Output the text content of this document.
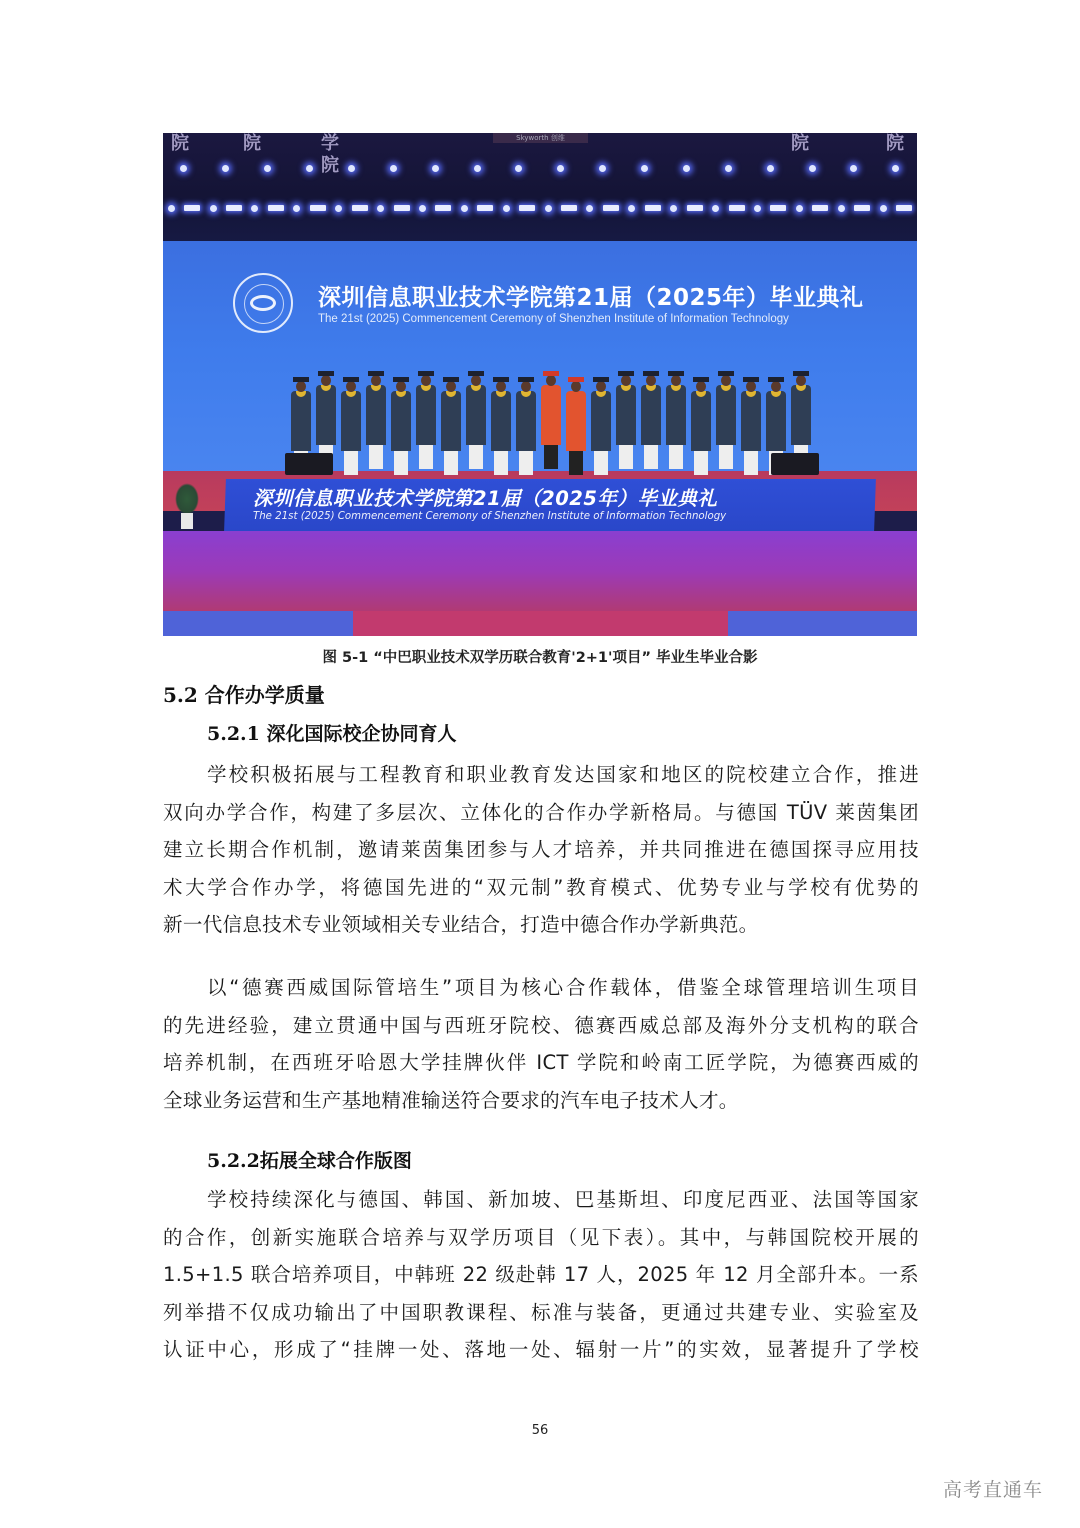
院	院	学院
院	院
Skyworth 创维
深圳信息职业技术学院第21届（2025年）毕业典礼
The 21st (2025) Commencement Ceremony of Shenzhen Institute of Information Technology
深圳信息职业技术学院第21届（2025年）毕业典礼
The 21st (2025) Commencement Ceremony of Shenzhen Institute of Information Technology
图 5-1 “中巴职业技术双学历联合教育'2+1'项目” 毕业生毕业合影
5.2 合作办学质量
5.2.1 深化国际校企协同育人
学校积极拓展与工程教育和职业教育发达国家和地区的院校建立合作，推进
双向办学合作，构建了多层次、立体化的合作办学新格局。与德国 TÜV 莱茵集团
建立长期合作机制，邀请莱茵集团参与人才培养，并共同推进在德国探寻应用技
术大学合作办学，将德国先进的“双元制”教育模式、优势专业与学校有优势的
新一代信息技术专业领域相关专业结合，打造中德合作办学新典范。
以“德赛西威国际管培生”项目为核心合作载体，借鉴全球管理培训生项目
的先进经验，建立贯通中国与西班牙院校、德赛西威总部及海外分支机构的联合
培养机制，在西班牙哈恩大学挂牌伙伴 ICT 学院和岭南工匠学院，为德赛西威的
全球业务运营和生产基地精准输送符合要求的汽车电子技术人才。
5.2.2拓展全球合作版图
学校持续深化与德国、韩国、新加坡、巴基斯坦、印度尼西亚、法国等国家
的合作，创新实施联合培养与双学历项目（见下表）。其中，与韩国院校开展的
1.5+1.5 联合培养项目，中韩班 22 级赴韩 17 人，2025 年 12 月全部升本。一系
列举措不仅成功输出了中国职教课程、标准与装备，更通过共建专业、实验室及
认证中心，形成了“挂牌一处、落地一处、辐射一片”的实效，显著提升了学校
56
高考直通车
